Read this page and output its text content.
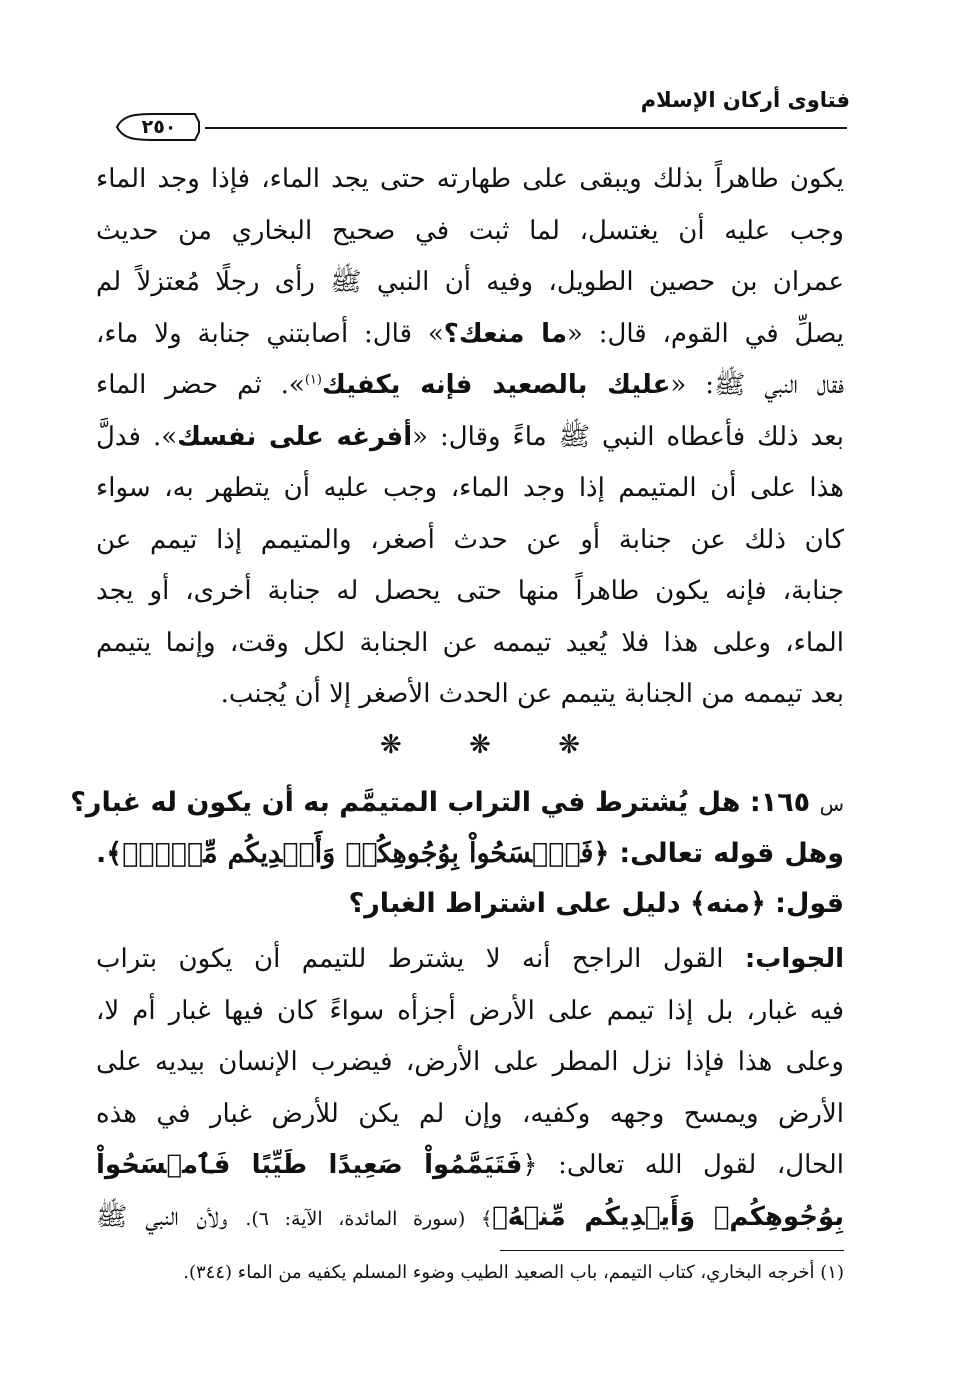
فتاوى أركان الإسلام
٢٥٠
يكون طاهراً بذلك ويبقى على طهارته حتى يجد الماء، فإذا وجد الماء
وجب عليه أن يغتسل، لما ثبت في صحيح البخاري من حديث
عمران بن حصين الطويل، وفيه أن النبي ﷺ رأى رجلًا مُعتزلاً لم
يصلِّ في القوم، قال: «ما منعك؟» قال: أصابتني جنابة ولا ماء،
فقال النبي ﷺ: «عليك بالصعيد فإنه يكفيك$^{(١)}$». ثم حضر الماء
بعد ذلك فأعطاه النبي ﷺ ماءً وقال: «أفرغه على نفسك». فدلَّ
هذا على أن المتيمم إذا وجد الماء، وجب عليه أن يتطهر به، سواء
كان ذلك عن جنابة أو عن حدث أصغر، والمتيمم إذا تيمم عن
جنابة، فإنه يكون طاهراً منها حتى يحصل له جنابة أخرى، أو يجد
الماء، وعلى هذا فلا يُعيد تيممه عن الجنابة لكل وقت، وإنما يتيمم
بعد تيممه من الجنابة يتيمم عن الحدث الأصغر إلا أن يُجنب.
❋	❋	❋
س ١٦٥: هل يُشترط في التراب المتيمَّم به أن يكون له غبار؟
وهل قوله تعالى: ﴿فَٱمۡسَحُواْ بِوُجُوهِكُمۡ وَأَيۡدِيكُم مِّنۡهُۚ﴾.
قول: ﴿منه﴾ دليل على اشتراط الغبار؟
الجواب: القول الراجح أنه لا يشترط للتيمم أن يكون بتراب
فيه غبار، بل إذا تيمم على الأرض أجزأه سواءً كان فيها غبار أم لا،
وعلى هذا فإذا نزل المطر على الأرض، فيضرب الإنسان بيديه على
الأرض ويمسح وجهه وكفيه، وإن لم يكن للأرض غبار في هذه
الحال، لقول الله تعالى: ﴿فَتَيَمَّمُواْ صَعِيدًا طَيِّبًا فَٱمۡسَحُواْ
بِوُجُوهِكُمۡ وَأَيۡدِيكُم مِّنۡهُۚ﴾ (سورة المائدة، الآية: ٦). ولأن النبي ﷺ
(١) أخرجه البخاري، كتاب التيمم، باب الصعيد الطيب وضوء المسلم يكفيه من الماء (٣٤٤).
